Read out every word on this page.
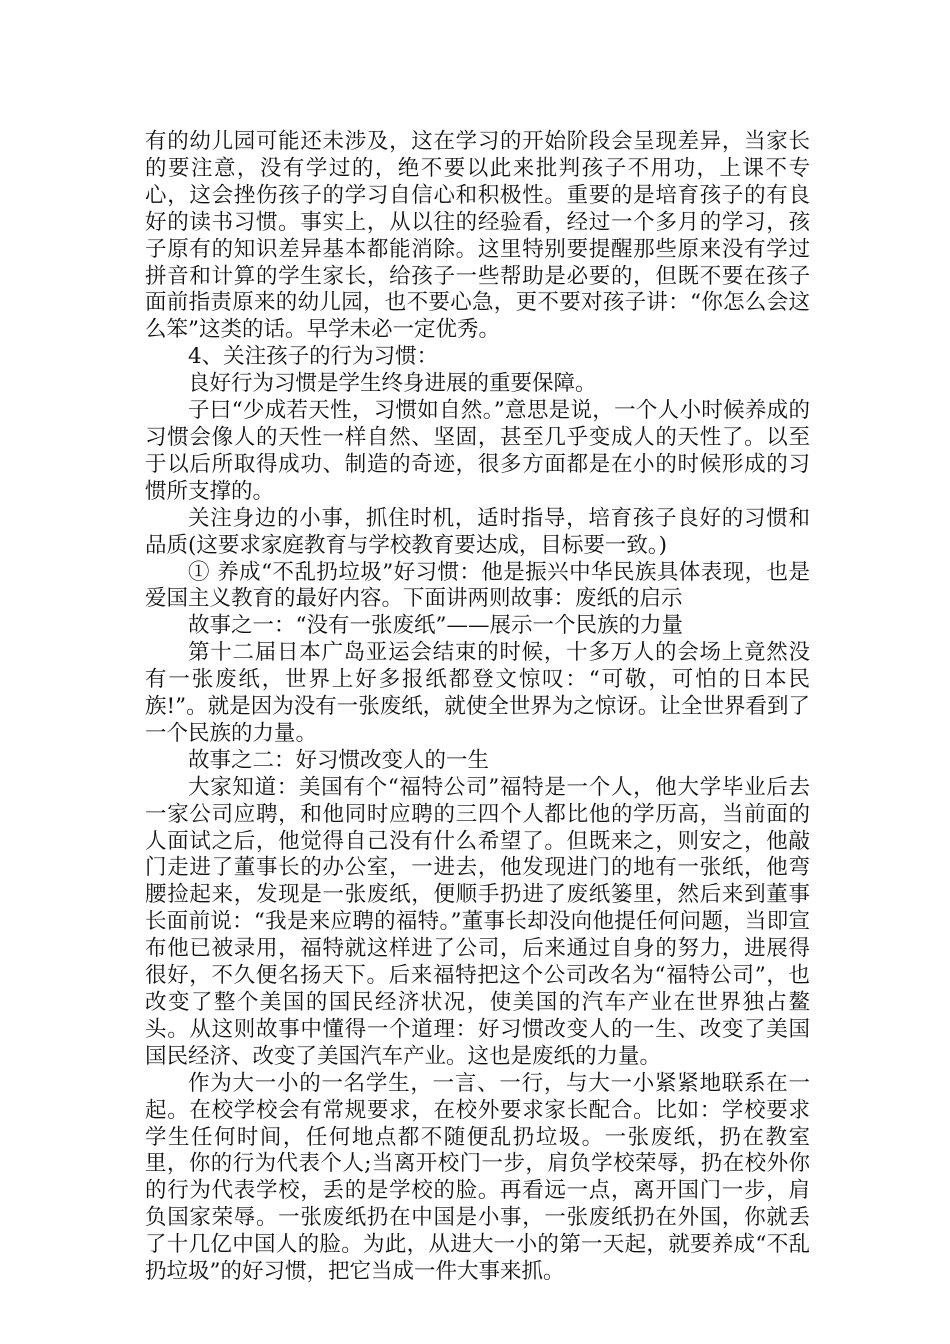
有的幼儿园可能还未涉及，这在学习的开始阶段会呈现差异，当家长的要注意，没有学过的，绝不要以此来批判孩子不用功，上课不专心，这会挫伤孩子的学习自信心和积极性。重要的是培育孩子的有良好的读书习惯。事实上，从以往的经验看，经过一个多月的学习，孩子原有的知识差异基本都能消除。这里特别要提醒那些原来没有学过拼音和计算的学生家长，给孩子一些帮助是必要的，但既不要在孩子面前指责原来的幼儿园，也不要心急，更不要对孩子讲：“你怎么会这么笨”这类的话。早学未必一定优秀。

4、关注孩子的行为习惯：

良好行为习惯是学生终身进展的重要保障。

子曰“少成若天性，习惯如自然。”意思是说，一个人小时候养成的习惯会像人的天性一样自然、坚固，甚至几乎变成人的天性了。以至于以后所取得成功、制造的奇迹，很多方面都是在小的时候形成的习惯所支撑的。

关注身边的小事，抓住时机，适时指导，培育孩子良好的习惯和品质(这要求家庭教育与学校教育要达成，目标要一致。)

① 养成“不乱扔垃圾”好习惯：他是振兴中华民族具体表现，也是爱国主义教育的最好内容。下面讲两则故事：废纸的启示

故事之一：“没有一张废纸”——展示一个民族的力量

第十二届日本广岛亚运会结束的时候，十多万人的会场上竟然没有一张废纸，世界上好多报纸都登文惊叹：“可敬，可怕的日本民族!”。就是因为没有一张废纸，就使全世界为之惊讶。让全世界看到了一个民族的力量。

故事之二：好习惯改变人的一生

大家知道：美国有个“福特公司”福特是一个人，他大学毕业后去一家公司应聘，和他同时应聘的三四个人都比他的学历高，当前面的人面试之后，他觉得自己没有什么希望了。但既来之，则安之，他敲门走进了董事长的办公室，一进去，他发现进门的地有一张纸，他弯腰捡起来，发现是一张废纸，便顺手扔进了废纸篓里，然后来到董事长面前说：“我是来应聘的福特。”董事长却没向他提任何问题，当即宣布他已被录用，福特就这样进了公司，后来通过自身的努力，进展得很好，不久便名扬天下。后来福特把这个公司改名为“福特公司”，也改变了整个美国的国民经济状况，使美国的汽车产业在世界独占鳌头。从这则故事中懂得一个道理：好习惯改变人的一生、改变了美国国民经济、改变了美国汽车产业。这也是废纸的力量。

作为大一小的一名学生，一言、一行，与大一小紧紧地联系在一起。在校学校会有常规要求，在校外要求家长配合。比如：学校要求学生任何时间，任何地点都不随便乱扔垃圾。一张废纸，扔在教室里，你的行为代表个人;当离开校门一步，肩负学校荣辱，扔在校外你的行为代表学校，丢的是学校的脸。再看远一点，离开国门一步，肩负国家荣辱。一张废纸扔在中国是小事，一张废纸扔在外国，你就丢了十几亿中国人的脸。为此，从进大一小的第一天起，就要养成“不乱扔垃圾”的好习惯，把它当成一件大事来抓。
